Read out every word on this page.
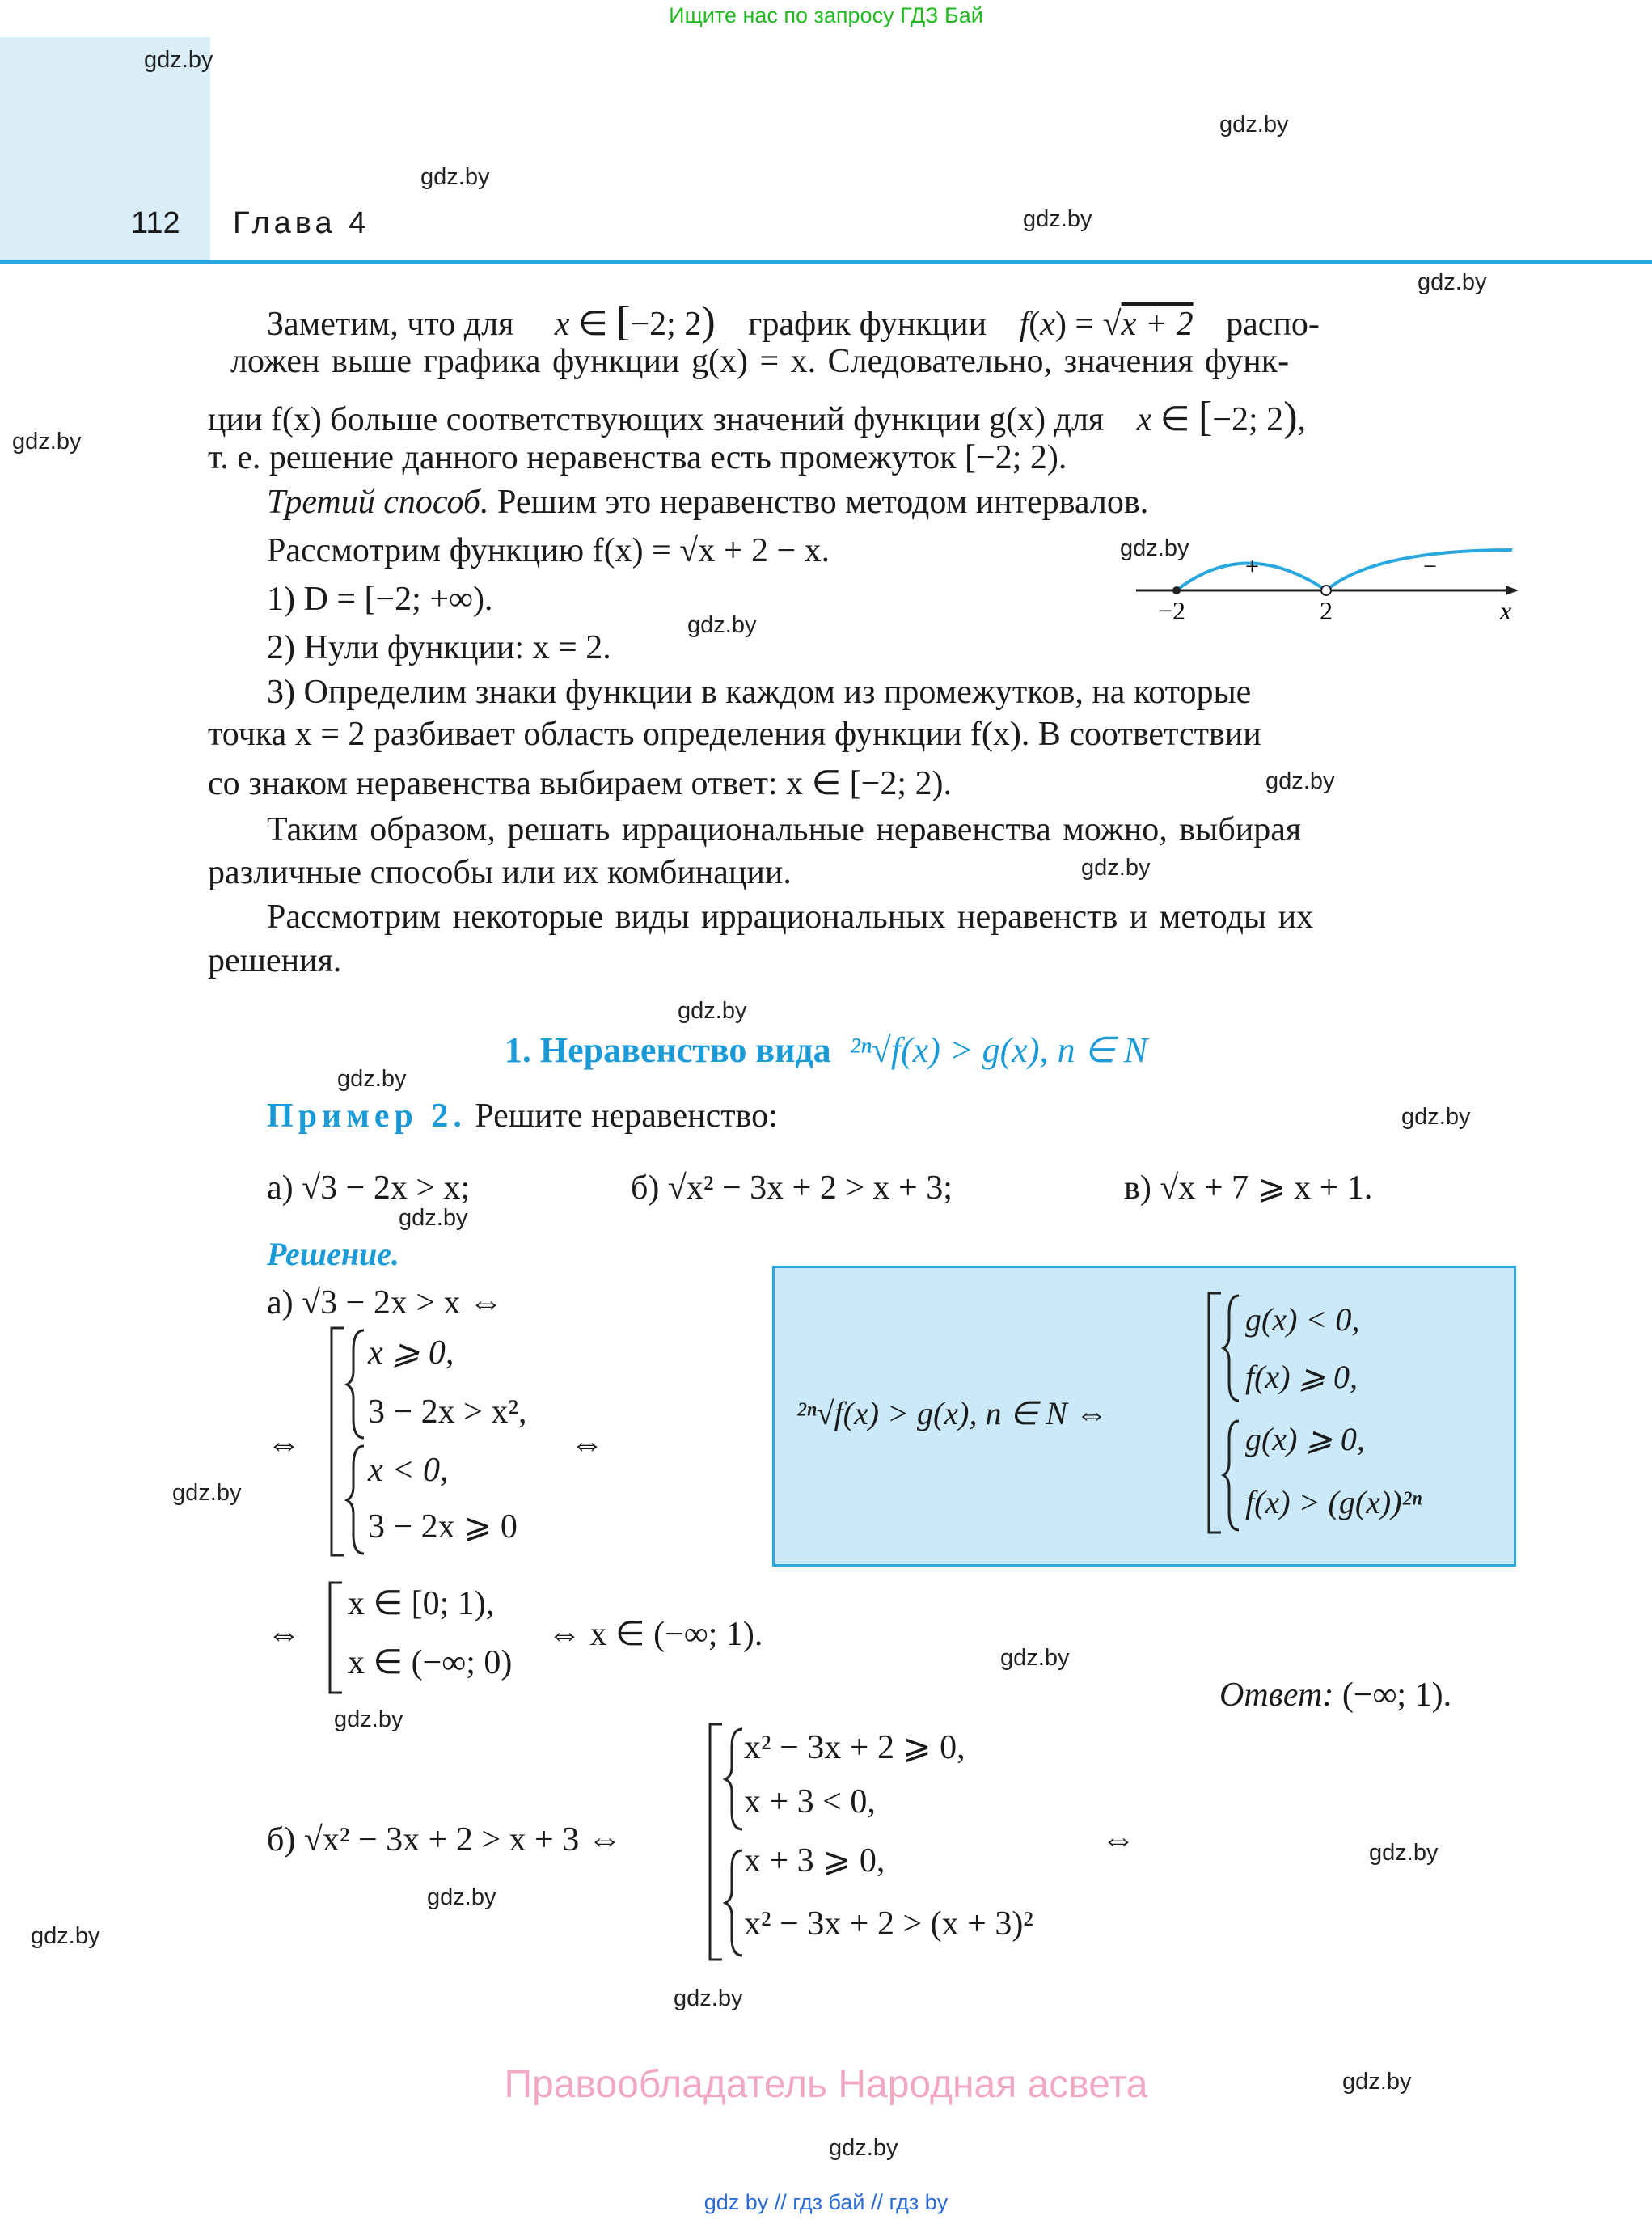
Ищите нас по запросу ГДЗ Бай
112 Глава 4
gdz.by
gdz.by
gdz.by
gdz.by
gdz.by
gdz.by
gdz.by
gdz.by
gdz.by
gdz.by
gdz.by
gdz.by
gdz.by
gdz.by
gdz.by
gdz.by
gdz.by
gdz.by
gdz.by
gdz.by
gdz.by
gdz.by
gdz.by
Заметим, что для x ∈ [−2; 2) график функции f(x) = √x + 2 распо-
ложен выше графика функции g(x) = x. Следовательно, значения функ-
ции f(x) больше соответствующих значений функции g(x) для x ∈ [−2; 2),
т. е. решение данного неравенства есть промежуток [−2; 2).
Третий способ. Решим это неравенство методом интервалов.
Рассмотрим функцию f(x) = √x + 2 − x.
1) D = [−2; +∞).
2) Нули функции: x = 2.
+	−
−2	2	x
3) Определим знаки функции в каждом из промежутков, на которые
точка x = 2 разбивает область определения функции f(x). В соответствии
со знаком неравенства выбираем ответ: x ∈ [−2; 2).
Таким образом, решать иррациональные неравенства можно, выбирая
различные способы или их комбинации.
Рассмотрим некоторые виды иррациональных неравенств и методы их
решения.
1. Неравенство вида ²ⁿ√f(x) > g(x), n ∈ N
Пример 2. Решите неравенство:
а) √3 − 2x > x;	б) √x² − 3x + 2 > x + 3;	в) √x + 7 ⩾ x + 1.
Решение.
а) √3 − 2x > x ⇔
⇔
x ⩾ 0,
3 − 2x > x²,
⇔
x < 0,
3 − 2x ⩾ 0
⇔
x ∈ [0; 1),
x ∈ (−∞; 0)
⇔ x ∈ (−∞; 1).
Ответ: (−∞; 1).
²ⁿ√f(x) > g(x), n ∈ N ⇔
g(x) < 0,
f(x) ⩾ 0,
g(x) ⩾ 0,
f(x) > (g(x))²ⁿ
б) √x² − 3x + 2 > x + 3 ⇔
x² − 3x + 2 ⩾ 0,
x + 3 < 0,
x + 3 ⩾ 0,
x² − 3x + 2 > (x + 3)²
⇔
Правообладатель Народная асвета
gdz by // гдз бай // гдз by
